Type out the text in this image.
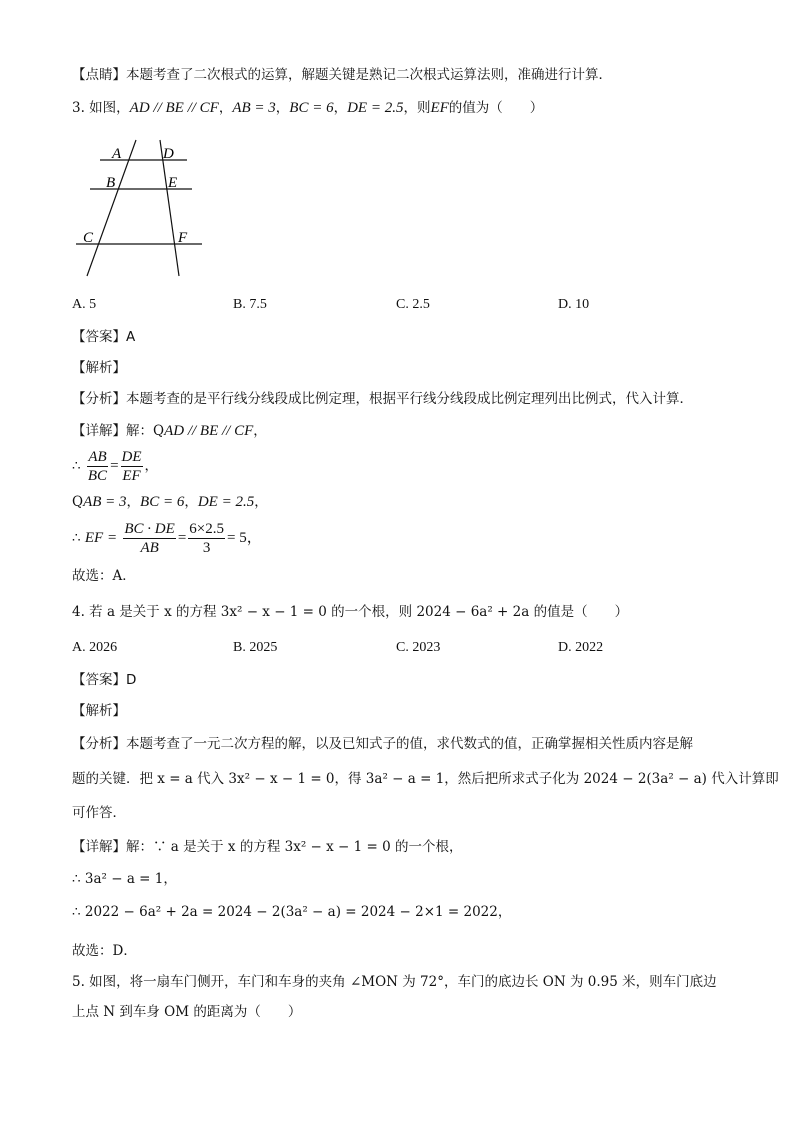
【点睛】本题考查了二次根式的运算，解题关键是熟记二次根式运算法则，准确进行计算．
3. 如图，AD // BE // CF，AB = 3，BC = 6，DE = 2.5，则EF的值为（　　）
A	D
B	E
C	F
A. 5	B. 7.5	C. 2.5	D. 10
【答案】A
【解析】
【分析】本题考查的是平行线分线段成比例定理，根据平行线分线段成比例定理列出比例式，代入计算．
【详解】解：QAD // BE // CF，
∴ $\frac{AB}{BC} = \frac{DE}{EF}$ ，
QAB = 3，BC = 6，DE = 2.5，
∴ EF = $\frac{BC \cdot DE}{AB} = \frac{6\times 2.5}{3} = 5$，
故选：A．
4. 若 a 是关于 x 的方程 3x² − x − 1 = 0 的一个根，则 2024 − 6a² + 2a 的值是（　　）
A. 2026	B. 2025	C. 2023	D. 2022
【答案】D
【解析】
【分析】本题考查了一元二次方程的解，以及已知式子的值，求代数式的值，正确掌握相关性质内容是解
题的关键．把 x = a 代入 3x² − x − 1 = 0，得 3a² − a = 1，然后把所求式子化为 2024 − 2(3a² − a) 代入计算即
可作答．
【详解】解：∵ a 是关于 x 的方程 3x² − x − 1 = 0 的一个根，
∴ 3a² − a = 1，
∴ 2022 − 6a² + 2a = 2024 − 2(3a² − a) = 2024 − 2×1 = 2022，
故选：D．
5. 如图，将一扇车门侧开，车门和车身的夹角 ∠MON 为 72°，车门的底边长 ON 为 0.95 米，则车门底边
上点 N 到车身 OM 的距离为（　　）
